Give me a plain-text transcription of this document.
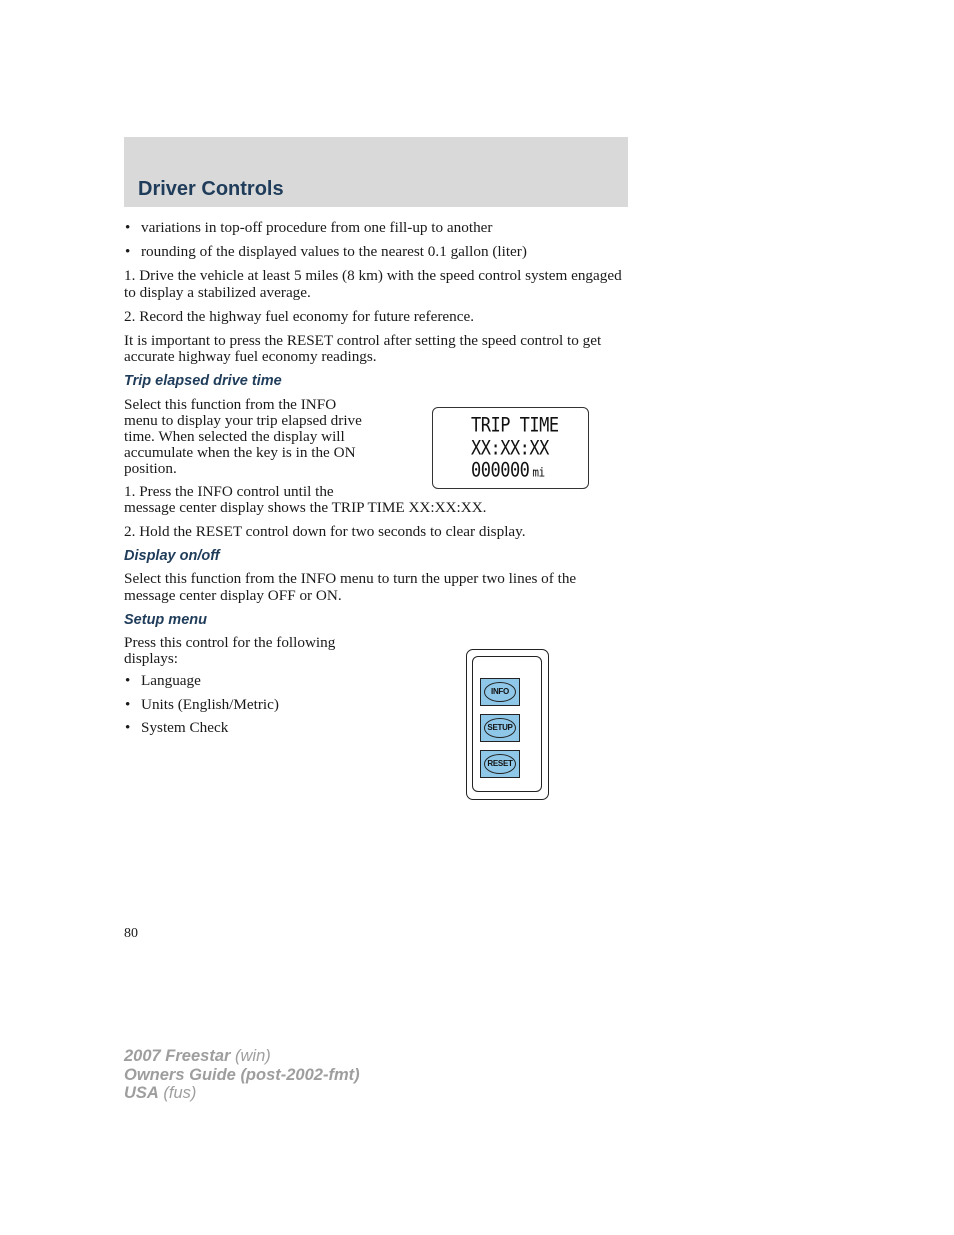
Driver Controls
• variations in top-off procedure from one fill-up to another
• rounding of the displayed values to the nearest 0.1 gallon (liter)

1. Drive the vehicle at least 5 miles (8 km) with the speed control system engaged to display a stabilized average.

2. Record the highway fuel economy for future reference.

It is important to press the RESET control after setting the speed control to get accurate highway fuel economy readings.

Trip elapsed drive time

Select this function from the INFO menu to display your trip elapsed drive time. When selected the display will accumulate when the key is in the ON position.

1. Press the INFO control until the
message center display shows the TRIP TIME XX:XX:XX.

2. Hold the RESET control down for two seconds to clear display.

Display on/off

Select this function from the INFO menu to turn the upper two lines of the message center display OFF or ON.

Setup menu

Press this control for the following displays:

• Language
• Units (English/Metric)
• System Check
TRIP TIME
XX:XX:XX
000000 mi
INFO
SETUP
RESET
80
2007 Freestar (win)
Owners Guide (post-2002-fmt)
USA (fus)
